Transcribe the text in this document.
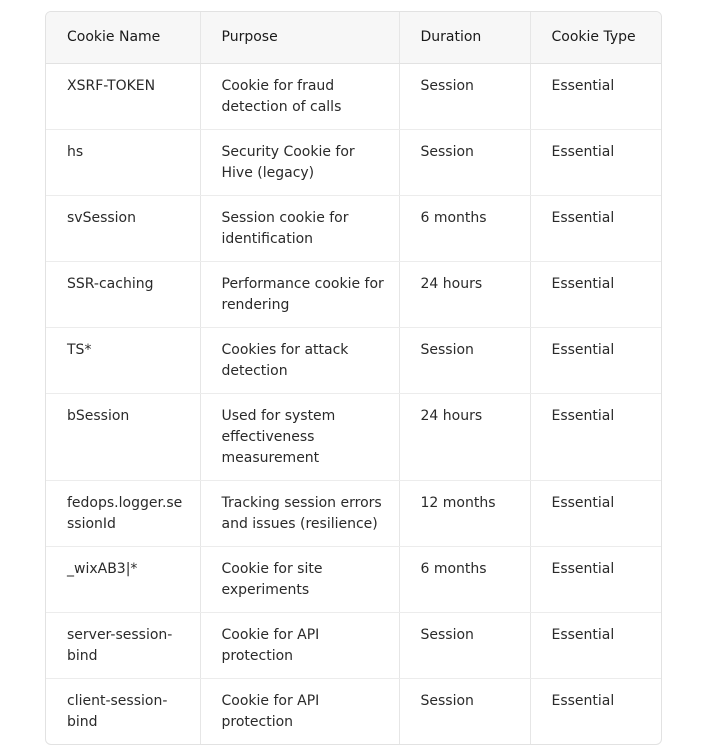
Cookie Name	Purpose	Duration	Cookie Type
XSRF-TOKEN	Cookie for fraud detection of calls	Session	Essential
hs	Security Cookie for Hive (legacy)	Session	Essential
svSession	Session cookie for identification	6 months	Essential
SSR-caching	Performance cookie for rendering	24 hours	Essential
TS*	Cookies for attack detection	Session	Essential
bSession	Used for system effectiveness measurement	24 hours	Essential
fedops.logger.sessionId	Tracking session errors and issues (resilience)	12 months	Essential
_wixAB3|*	Cookie for site experiments	6 months	Essential
server-session-bind	Cookie for API protection	Session	Essential
client-session-bind	Cookie for API protection	Session	Essential
